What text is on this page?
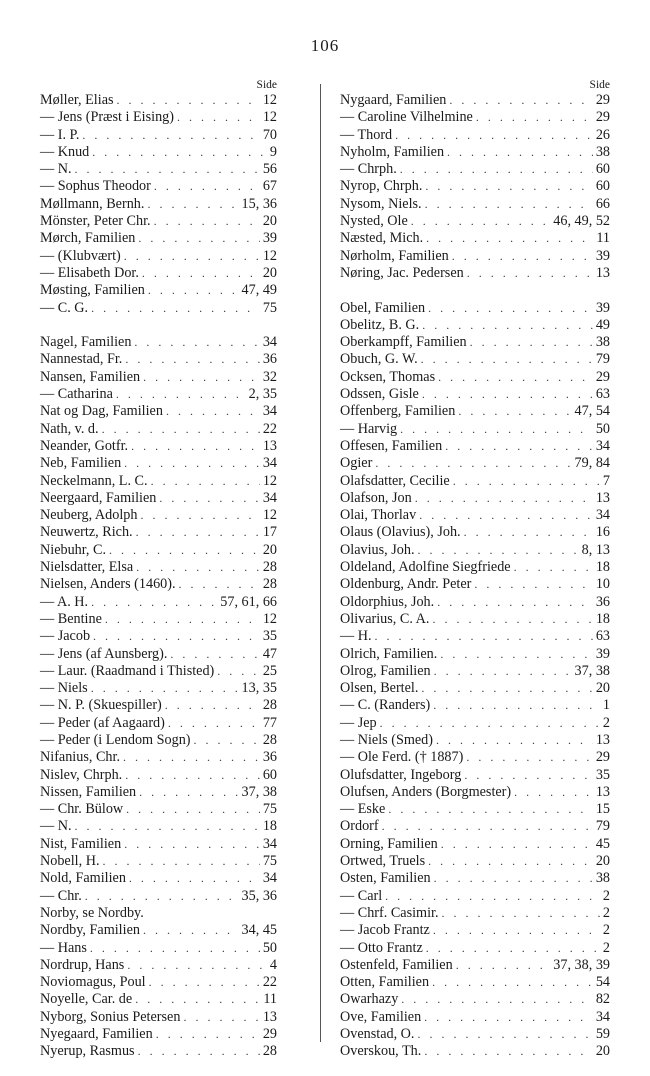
106
Side
Møller, Elias . . .	12
— Jens (Præst i Eising) . . .	12
— I. P. . . .	70
— Knud . . .	9
— N. . . .	56
— Sophus Theodor . . .	67
Møllmann, Bernh. . . .	15, 36
Mönster, Peter Chr. . . .	20
Mørch, Familien . . .	39
— (Klubvært) . . .	12
— Elisabeth Dor. . . .	20
Møsting, Familien . . .	47, 49
— C. G. . . .	75
Nagel, Familien . . .	34
Nannestad, Fr. . . .	36
Nansen, Familien . . .	32
— Catharina . . .	2, 35
Nat og Dag, Familien . . .	34
Nath, v. d. . . .	22
Neander, Gotfr. . . .	13
Neb, Familien . . .	34
Neckelmann, L. C. . . .	12
Neergaard, Familien . . .	34
Neuberg, Adolph . . .	12
Neuwertz, Rich. . . .	17
Niebuhr, C. . . .	20
Nielsdatter, Elsa . . .	28
Nielsen, Anders (1460). . . .	28
— A. H. . . .	57, 61, 66
— Bentine . . .	12
— Jacob . . .	35
— Jens (af Aunsberg). . . .	47
— Laur. (Raadmand i Thisted) . . .	25
— Niels . . .	13, 35
— N. P. (Skuespiller) . . .	28
— Peder (af Aagaard) . . .	77
— Peder (i Lendom Sogn) . . .	28
Nifanius, Chr. . . .	36
Nislev, Chrph. . . .	60
Nissen, Familien . . .	37, 38
— Chr. Bülow . . .	75
— N. . . .	18
Nist, Familien . . .	34
Nobell, H. . . .	75
Nold, Familien . . .	34
— Chr. . . .	35, 36
Norby, se Nordby.
Nordby, Familien . . .	34, 45
— Hans . . .	50
Nordrup, Hans . . .	4
Noviomagus, Poul . . .	22
Noyelle, Car. de . . .	11
Nyborg, Sonius Petersen . . .	13
Nyegaard, Familien . . .	29
Nyerup, Rasmus . . .	28
Side
Nygaard, Familien . . .	29
— Caroline Vilhelmine . . .	29
— Thord . . .	26
Nyholm, Familien . . .	38
— Chrph. . . .	60
Nyrop, Chrph. . . .	60
Nysom, Niels. . . .	66
Nysted, Ole . . .	46, 49, 52
Næsted, Mich. . . .	11
Nørholm, Familien . . .	39
Nøring, Jac. Pedersen . . .	13
Obel, Familien . . .	39
Obelitz, B. G. . . .	49
Oberkampff, Familien . . .	38
Obuch, G. W. . . .	79
Ocksen, Thomas . . .	29
Odssen, Gisle . . .	63
Offenberg, Familien . . .	47, 54
— Harvig . . .	50
Offesen, Familien . . .	34
Ogier . . .	79, 84
Olafsdatter, Cecilie . . .	7
Olafson, Jon . . .	13
Olai, Thorlav . . .	34
Olaus (Olavius), Joh. . . .	16
Olavius, Joh. . . .	8, 13
Oldeland, Adolfine Siegfriede . . .	18
Oldenburg, Andr. Peter . . .	10
Oldorphius, Joh. . . .	36
Olivarius, C. A. . . .	18
— H. . . .	63
Olrich, Familien. . . .	39
Olrog, Familien . . .	37, 38
Olsen, Bertel. . . .	20
— C. (Randers) . . .	1
— Jep . . .	2
— Niels (Smed) . . .	13
— Ole Ferd. († 1887) . . .	29
Olufsdatter, Ingeborg . . .	35
Olufsen, Anders (Borgmester) . . .	13
— Eske . . .	15
Ordorf . . .	79
Orning, Familien . . .	45
Ortwed, Truels . . .	20
Osten, Familien . . .	38
— Carl . . .	2
— Chrf. Casimir. . . .	2
— Jacob Frantz . . .	2
— Otto Frantz . . .	2
Ostenfeld, Familien . . .	37, 38, 39
Otten, Familien . . .	54
Owarhazy . . .	82
Ove, Familien . . .	34
Ovenstad, O. . . .	59
Overskou, Th. . . .	20
